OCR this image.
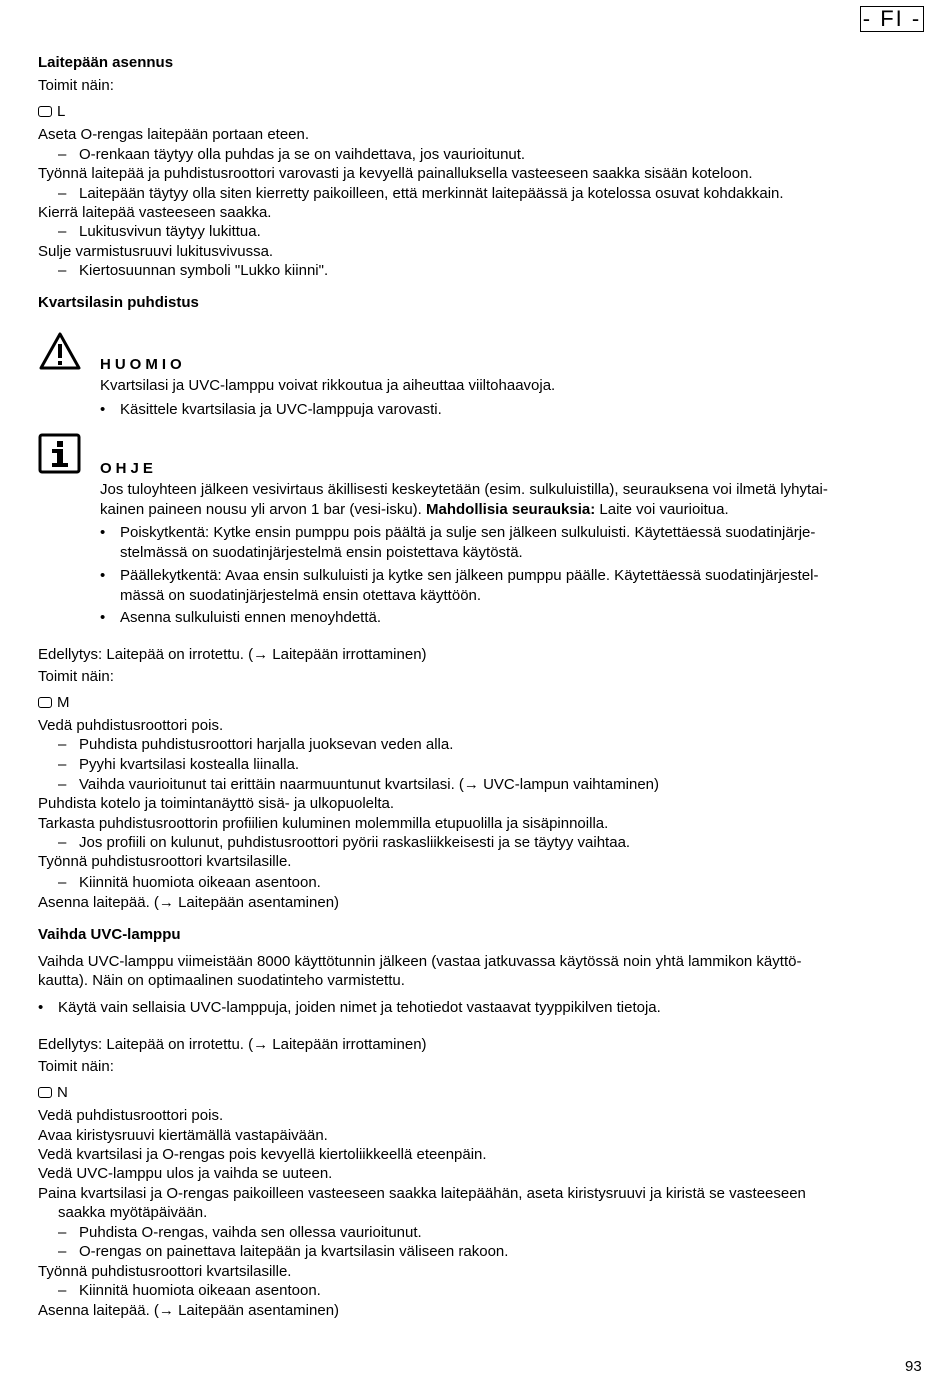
- FI -
Laitepään asennus
Toimit näin:
L
Aseta O-rengas laitepään portaan eteen.
– O-renkaan täytyy olla puhdas ja se on vaihdettava, jos vaurioitunut.
Työnnä laitepää ja puhdistusroottori varovasti ja kevyellä painalluksella vasteeseen saakka sisään koteloon.
– Laitepään täytyy olla siten kierretty paikoilleen, että merkinnät laitepäässä ja kotelossa osuvat kohdakkain.
Kierrä laitepää vasteeseen saakka.
– Lukitusvivun täytyy lukittua.
Sulje varmistusruuvi lukitusvivussa.
– Kiertosuunnan symboli "Lukko kiinni".
Kvartsilasin puhdistus
HUOMIO
Kvartsilasi ja UVC-lamppu voivat rikkoutua ja aiheuttaa viiltohaavoja.
• Käsittele kvartsilasia ja UVC-lamppuja varovasti.
OHJE
Jos tuloyhteen jälkeen vesivirtaus äkillisesti keskeytetään (esim. sulkuluistilla), seurauksena voi ilmetä lyhytai-
kainen paineen nousu yli arvon 1 bar (vesi-isku). Mahdollisia seurauksia: Laite voi vaurioitua.
• Poiskytkentä: Kytke ensin pumppu pois päältä ja sulje sen jälkeen sulkuluisti. Käytettäessä suodatinjärje-
stelmässä on suodatinjärjestelmä ensin poistettava käytöstä.
• Päällekytkentä: Avaa ensin sulkuluisti ja kytke sen jälkeen pumppu päälle. Käytettäessä suodatinjärjestel-
mässä on suodatinjärjestelmä ensin otettava käyttöön.
• Asenna sulkuluisti ennen menoyhdettä.
Edellytys: Laitepää on irrotettu. (→ Laitepään irrottaminen)
Toimit näin:
M
Vedä puhdistusroottori pois.
– Puhdista puhdistusroottori harjalla juoksevan veden alla.
– Pyyhi kvartsilasi kostealla liinalla.
– Vaihda vaurioitunut tai erittäin naarmuuntunut kvartsilasi. (→ UVC-lampun vaihtaminen)
Puhdista kotelo ja toimintanäyttö sisä- ja ulkopuolelta.
Tarkasta puhdistusroottorin profiilien kuluminen molemmilla etupuolilla ja sisäpinnoilla.
– Jos profiili on kulunut, puhdistusroottori pyörii raskasliikkeisesti ja se täytyy vaihtaa.
Työnnä puhdistusroottori kvartsilasille.
– Kiinnitä huomiota oikeaan asentoon.
Asenna laitepää. (→ Laitepään asentaminen)
Vaihda UVC-lamppu
Vaihda UVC-lamppu viimeistään 8000 käyttötunnin jälkeen (vastaa jatkuvassa käytössä noin yhtä lammikon käyttö-
kautta). Näin on optimaalinen suodatinteho varmistettu.
• Käytä vain sellaisia UVC-lamppuja, joiden nimet ja tehotiedot vastaavat tyyppikilven tietoja.
Edellytys: Laitepää on irrotettu. (→ Laitepään irrottaminen)
Toimit näin:
N
Vedä puhdistusroottori pois.
Avaa kiristysruuvi kiertämällä vastapäivään.
Vedä kvartsilasi ja O-rengas pois kevyellä kiertoliikkeellä eteenpäin.
Vedä UVC-lamppu ulos ja vaihda se uuteen.
Paina kvartsilasi ja O-rengas paikoilleen vasteeseen saakka laitepäähän, aseta kiristysruuvi ja kiristä se vasteeseen
saakka myötäpäivään.
– Puhdista O-rengas, vaihda sen ollessa vaurioitunut.
– O-rengas on painettava laitepään ja kvartsilasin väliseen rakoon.
Työnnä puhdistusroottori kvartsilasille.
– Kiinnitä huomiota oikeaan asentoon.
Asenna laitepää. (→ Laitepään asentaminen)
93
